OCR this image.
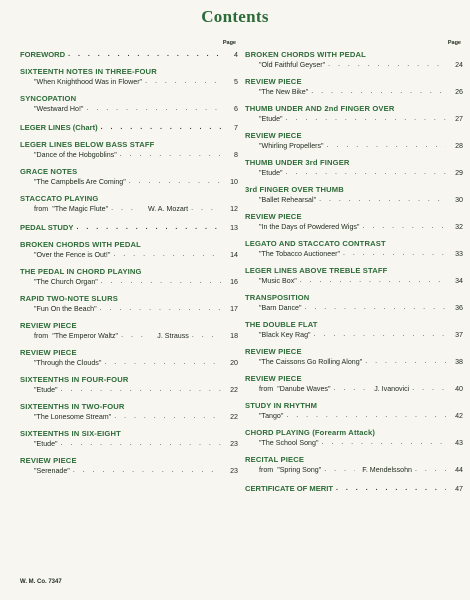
Contents
Page
FOREWORD . . .	4
SIXTEENTH NOTES IN THREE-FOUR
"When Knighthood Was in Flower" . . .	5
SYNCOPATION
"Westward Ho!" . . .	6
LEGER LINES (Chart) . . .	7
LEGER LINES BELOW BASS STAFF
"Dance of the Hobgoblins" . . .	8
GRACE NOTES
"The Campbells Are Coming" . . .	10
STACCATO PLAYING
from "The Magic Flute" . . .	W. A. Mozart . . .	12
PEDAL STUDY . . .	13
BROKEN CHORDS WITH PEDAL
"Over the Fence is Out!" . . .	14
THE PEDAL IN CHORD PLAYING
"The Church Organ" . . .	16
RAPID TWO-NOTE SLURS
"Fun On the Beach" . . .	17
REVIEW PIECE
from "The Emperor Waltz" . . .	J. Strauss . . .	18
REVIEW PIECE
"Through the Clouds" . . .	20
SIXTEENTHS IN FOUR-FOUR
"Etude" . . .	22
SIXTEENTHS IN TWO-FOUR
"The Lonesome Stream" . . .	22
SIXTEENTHS IN SIX-EIGHT
"Etude" . . .	23
REVIEW PIECE
"Serenade" . . .	23
Page
BROKEN CHORDS WITH PEDAL
"Old Faithful Geyser" . . .	24
REVIEW PIECE
"The New Bike" . . .	26
THUMB UNDER AND 2nd FINGER OVER
"Etude" . . .	27
REVIEW PIECE
"Whirling Propellers" . . .	28
THUMB UNDER 3rd FINGER
"Etude" . . .	29
3rd FINGER OVER THUMB
"Ballet Rehearsal" . . .	30
REVIEW PIECE
"In the Days of Powdered Wigs" . . .	32
LEGATO AND STACCATO CONTRAST
"The Tobacco Auctioneer" . . .	33
LEGER LINES ABOVE TREBLE STAFF
"Music Box" . . .	34
TRANSPOSITION
"Barn Dance" . . .	36
THE DOUBLE FLAT
"Black Key Rag" . . .	37
REVIEW PIECE
"The Caissons Go Rolling Along" . . .	38
REVIEW PIECE
from "Danube Waves" . . .	J. Ivanovici . . .	40
STUDY IN RHYTHM
"Tango" . . .	42
CHORD PLAYING (Forearm Attack)
"The School Song" . . .	43
RECITAL PIECE
from "Spring Song" . . .	F. Mendelssohn . . .	44
CERTIFICATE OF MERIT . . .	47
W. M. Co. 7347
